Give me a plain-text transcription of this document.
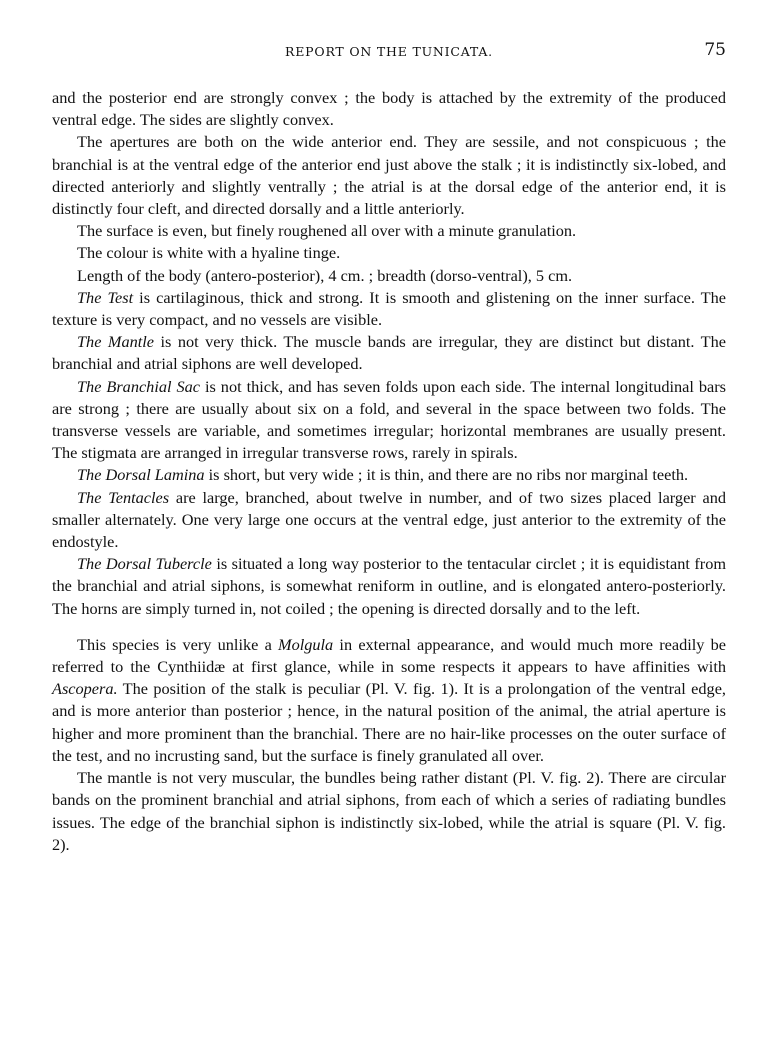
REPORT ON THE TUNICATA.	75

and the posterior end are strongly convex ; the body is attached by the extremity of the produced ventral edge. The sides are slightly convex.

The apertures are both on the wide anterior end. They are sessile, and not conspicuous ; the branchial is at the ventral edge of the anterior end just above the stalk ; it is indistinctly six-lobed, and directed anteriorly and slightly ventrally ; the atrial is at the dorsal edge of the anterior end, it is distinctly four cleft, and directed dorsally and a little anteriorly.

The surface is even, but finely roughened all over with a minute granulation.

The colour is white with a hyaline tinge.

Length of the body (antero-posterior), 4 cm. ; breadth (dorso-ventral), 5 cm.

The Test is cartilaginous, thick and strong. It is smooth and glistening on the inner surface. The texture is very compact, and no vessels are visible.

The Mantle is not very thick. The muscle bands are irregular, they are distinct but distant. The branchial and atrial siphons are well developed.

The Branchial Sac is not thick, and has seven folds upon each side. The internal longitudinal bars are strong ; there are usually about six on a fold, and several in the space between two folds. The transverse vessels are variable, and sometimes irregular; horizontal membranes are usually present. The stigmata are arranged in irregular transverse rows, rarely in spirals.

The Dorsal Lamina is short, but very wide ; it is thin, and there are no ribs nor marginal teeth.

The Tentacles are large, branched, about twelve in number, and of two sizes placed larger and smaller alternately. One very large one occurs at the ventral edge, just anterior to the extremity of the endostyle.

The Dorsal Tubercle is situated a long way posterior to the tentacular circlet ; it is equidistant from the branchial and atrial siphons, is somewhat reniform in outline, and is elongated antero-posteriorly. The horns are simply turned in, not coiled ; the opening is directed dorsally and to the left.

This species is very unlike a Molgula in external appearance, and would much more readily be referred to the Cynthiidæ at first glance, while in some respects it appears to have affinities with Ascopera. The position of the stalk is peculiar (Pl. V. fig. 1). It is a prolongation of the ventral edge, and is more anterior than posterior ; hence, in the natural position of the animal, the atrial aperture is higher and more prominent than the branchial. There are no hair-like processes on the outer surface of the test, and no incrusting sand, but the surface is finely granulated all over.

The mantle is not very muscular, the bundles being rather distant (Pl. V. fig. 2). There are circular bands on the prominent branchial and atrial siphons, from each of which a series of radiating bundles issues. The edge of the branchial siphon is indistinctly six-lobed, while the atrial is square (Pl. V. fig. 2).
